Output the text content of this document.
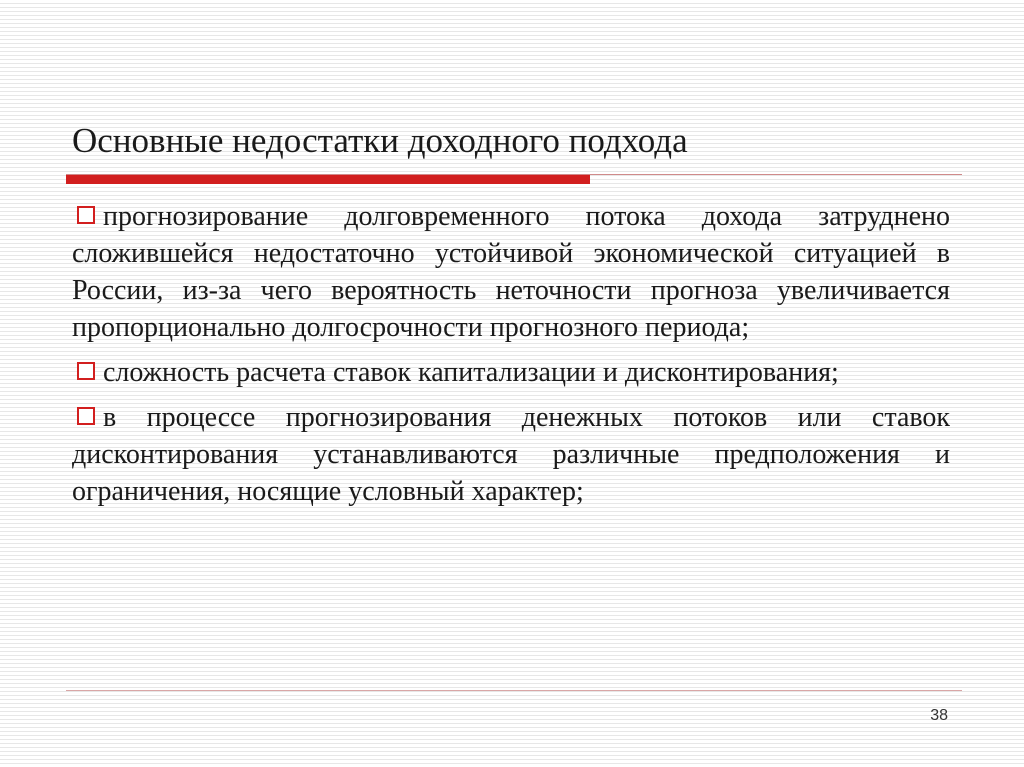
Основные недостатки доходного подхода
прогнозирование долговременного потока дохода затруднено сложившейся недостаточно устойчивой экономической ситуацией в России, из-за чего вероятность неточности прогноза увеличивается пропорционально долгосрочности прогнозного периода;
сложность расчета ставок капитализации и дисконтирования;
в процессе прогнозирования денежных потоков или ставок дисконтирования устанавливаются различные предположения и ограничения, носящие условный характер;
38
